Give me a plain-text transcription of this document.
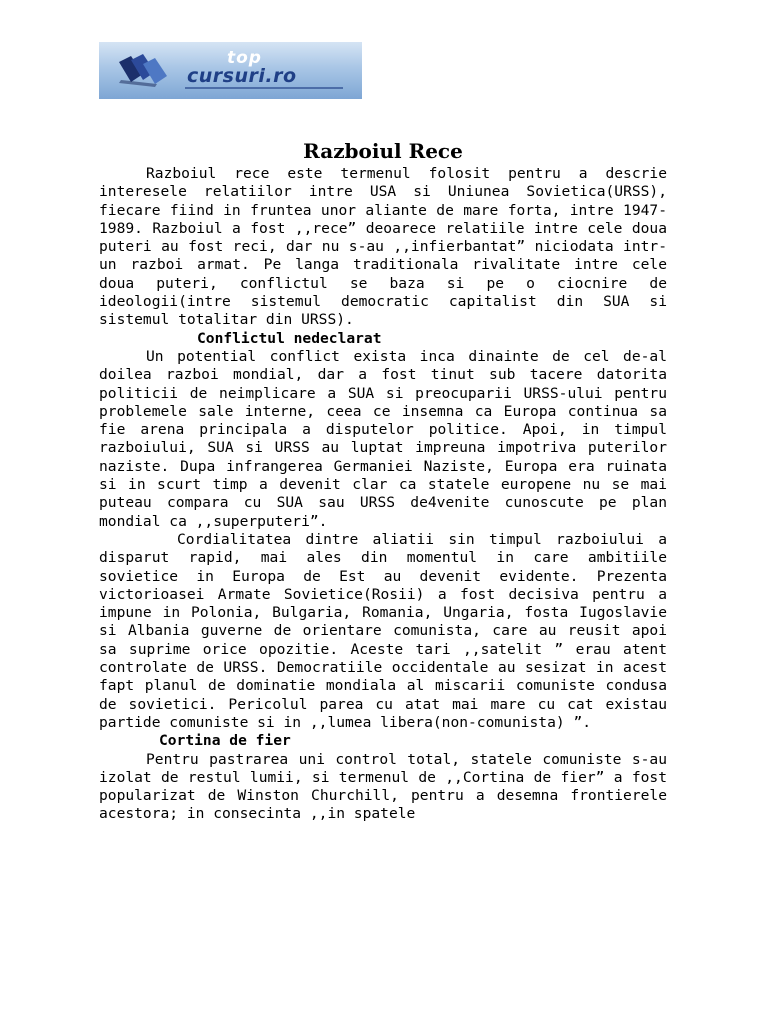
top
cursuri.ro
Razboiul Rece

Razboiul rece este termenul folosit pentru a descrie interesele relatiilor intre USA si Uniunea Sovietica(URSS), fiecare fiind in fruntea unor aliante de mare forta, intre 1947-1989. Razboiul a fost ,,rece” deoarece relatiile intre cele doua puteri au fost reci, dar nu s-au ,,infierbantat” niciodata intr-un razboi armat. Pe langa traditionala rivalitate intre cele doua puteri, conflictul se baza si pe o ciocnire de ideologii(intre sistemul democratic capitalist din SUA si sistemul totalitar din URSS).

Conflictul nedeclarat

Un potential conflict exista inca dinainte de cel de-al doilea razboi mondial, dar a fost tinut sub tacere datorita politicii de neimplicare a SUA si preocuparii URSS-ului pentru problemele sale interne, ceea ce insemna ca Europa continua sa fie arena principala a disputelor politice. Apoi, in timpul razboiului, SUA si URSS au luptat impreuna impotriva puterilor naziste. Dupa infrangerea Germaniei Naziste, Europa era ruinata si in scurt timp a devenit clar ca statele europene nu se mai puteau compara cu SUA sau URSS de4venite cunoscute pe plan mondial ca ,,superputeri”.

Cordialitatea dintre aliatii sin timpul razboiului a disparut rapid, mai ales din momentul in care ambitiile sovietice in Europa de Est au devenit evidente. Prezenta victorioasei Armate Sovietice(Rosii) a fost decisiva pentru a impune in Polonia, Bulgaria, Romania, Ungaria, fosta Iugoslavie si Albania guverne de orientare comunista, care au reusit apoi sa suprime orice opozitie. Aceste tari ,,satelit ” erau atent controlate de URSS. Democratiile occidentale au sesizat in acest fapt planul de dominatie mondiala al miscarii comuniste condusa de sovietici. Pericolul parea cu atat mai mare cu cat existau partide comuniste si in ,,lumea libera(non-comunista) ”.

Cortina de fier

Pentru pastrarea uni control total, statele comuniste s-au izolat de restul lumii, si termenul de ,,Cortina de fier” a fost popularizat de Winston Churchill, pentru a desemna frontierele acestora; in consecinta ,,in spatele
